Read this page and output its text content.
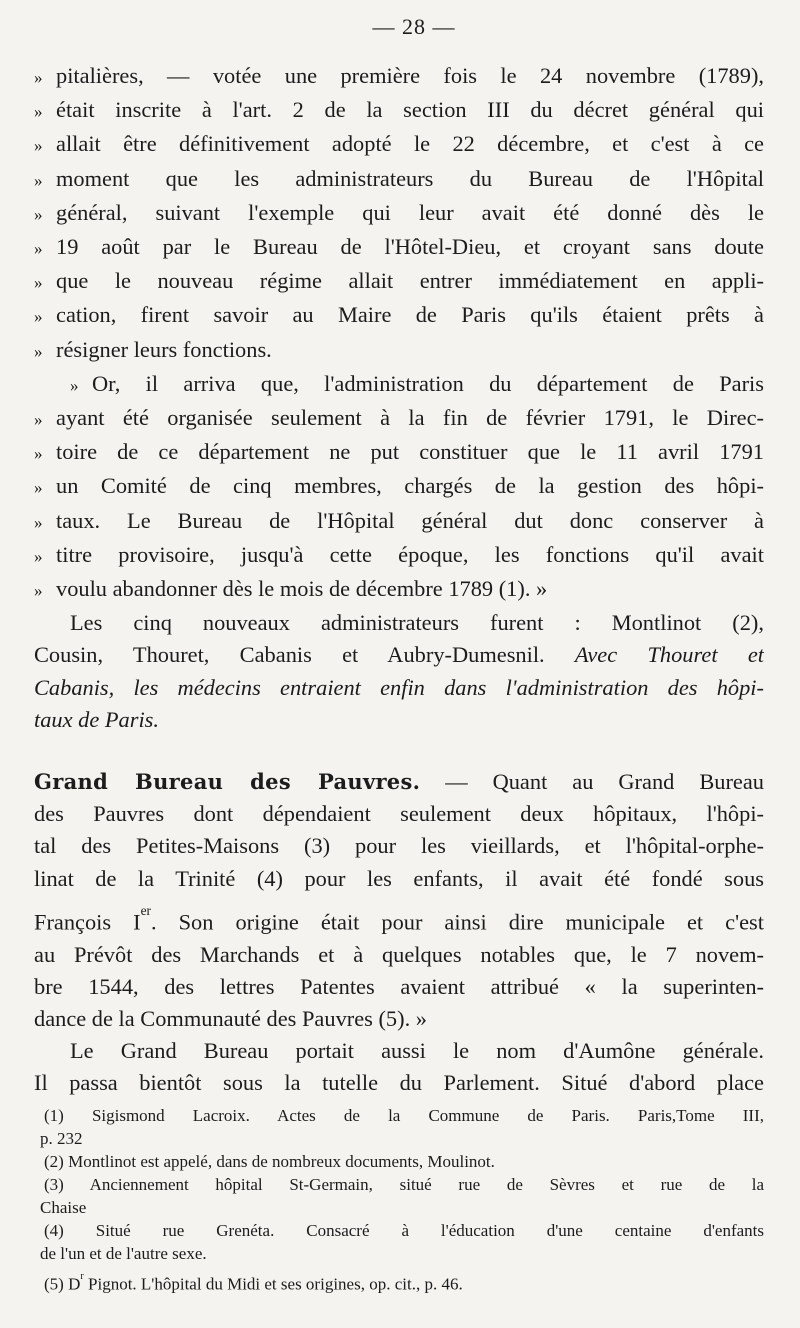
— 28 —
» pitalières, — votée une première fois le 24 novembre (1789),
» était inscrite à l'art. 2 de la section III du décret général qui
» allait être définitivement adopté le 22 décembre, et c'est à ce
» moment que les administrateurs du Bureau de l'Hôpital
» général, suivant l'exemple qui leur avait été donné dès le
» 19 août par le Bureau de l'Hôtel-Dieu, et croyant sans doute
» que le nouveau régime allait entrer immédiatement en appli-
» cation, firent savoir au Maire de Paris qu'ils étaient prêts à
» résigner leurs fonctions.
» Or, il arriva que, l'administration du département de Paris
» ayant été organisée seulement à la fin de février 1791, le Direc-
» toire de ce département ne put constituer que le 11 avril 1791
» un Comité de cinq membres, chargés de la gestion des hôpi-
» taux. Le Bureau de l'Hôpital général dut donc conserver à
» titre provisoire, jusqu'à cette époque, les fonctions qu'il avait
» voulu abandonner dès le mois de décembre 1789 (1). »
Les cinq nouveaux administrateurs furent : Montlinot (2),
Cousin, Thouret, Cabanis et Aubry-Dumesnil. Avec Thouret et
Cabanis, les médecins entraient enfin dans l'administration des hôpi-
taux de Paris.
Grand Bureau des Pauvres. — Quant au Grand Bureau
des Pauvres dont dépendaient seulement deux hôpitaux, l'hôpi-
tal des Petites-Maisons (3) pour les vieillards, et l'hôpital-orphe-
linat de la Trinité (4) pour les enfants, il avait été fondé sous
François Ier. Son origine était pour ainsi dire municipale et c'est
au Prévôt des Marchands et à quelques notables que, le 7 novem-
bre 1544, des lettres Patentes avaient attribué « la superinten-
dance de la Communauté des Pauvres (5). »
Le Grand Bureau portait aussi le nom d'Aumône générale.
Il passa bientôt sous la tutelle du Parlement. Situé d'abord place
(1) Sigismond Lacroix. Actes de la Commune de Paris. Paris,Tome III,
p. 232
(2) Montlinot est appelé, dans de nombreux documents, Moulinot.
(3) Anciennement hôpital St-Germain, situé rue de Sèvres et rue de la
Chaise
(4) Situé rue Grenéta. Consacré à l'éducation d'une centaine d'enfants
de l'un et de l'autre sexe.
(5) $D^r$ Pignot. L'hôpital du Midi et ses origines, op. cit., p. 46.
